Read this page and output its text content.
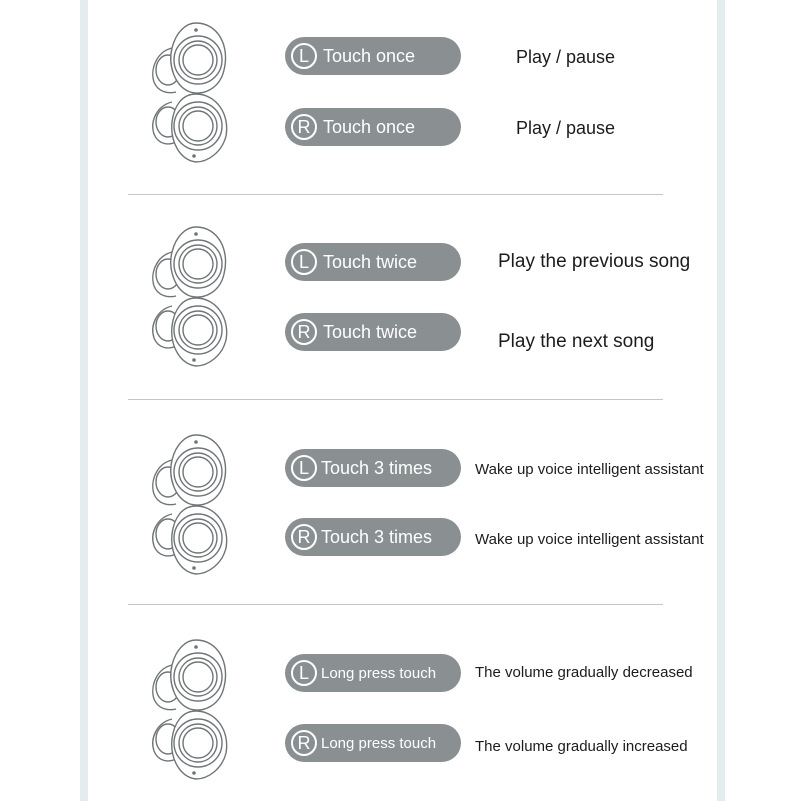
L Touch once	Play / pause
R Touch once	Play / pause
L Touch twice	Play the previous song
R Touch twice	Play the next song
L Touch 3 times	Wake up voice intelligent assistant
R Touch 3 times	Wake up voice intelligent assistant
L Long press touch	The volume gradually decreased
R Long press touch	The volume gradually increased
